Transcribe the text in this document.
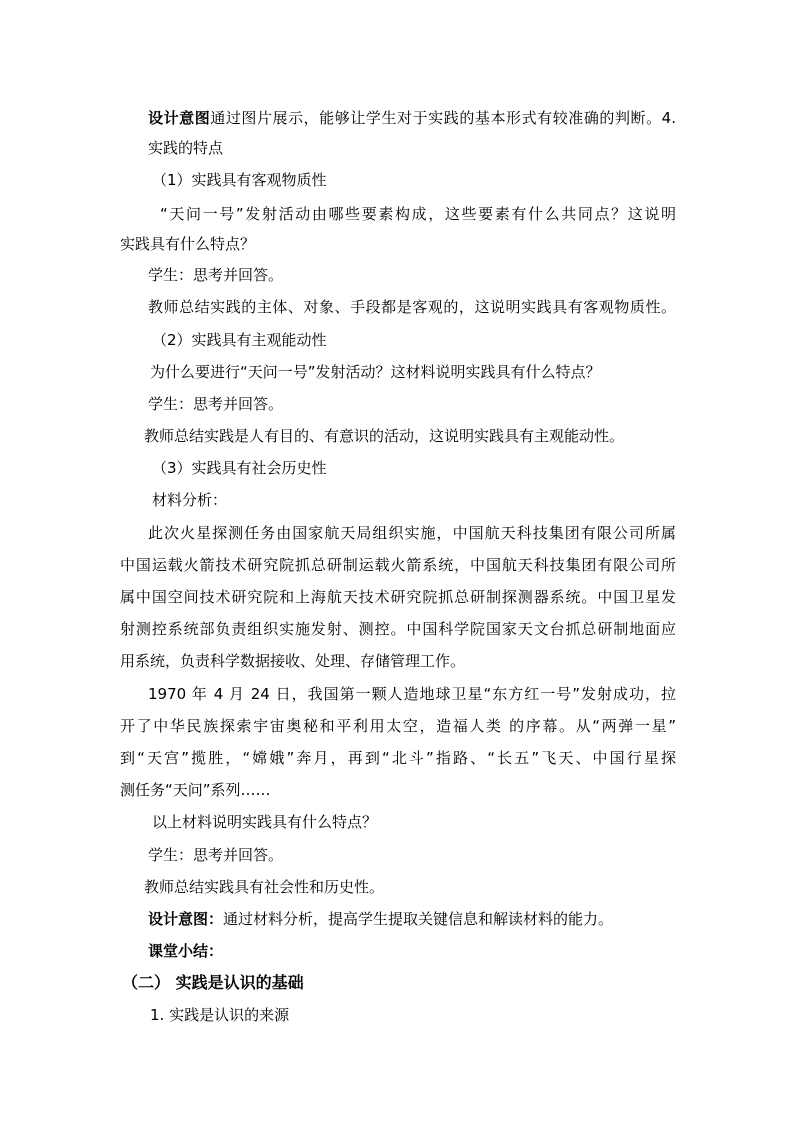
设计意图通过图片展示，能够让学生对于实践的基本形式有较准确的判断。4.
实践的特点
（1）实践具有客观物质性
“天问一号”发射活动由哪些要素构成，这些要素有什么共同点？这说明
实践具有什么特点？
学生：思考并回答。
教师总结实践的主体、对象、手段都是客观的，这说明实践具有客观物质性。
（2）实践具有主观能动性
为什么要进行“天问一号”发射活动？这材料说明实践具有什么特点？
学生：思考并回答。
教师总结实践是人有目的、有意识的活动，这说明实践具有主观能动性。
（3）实践具有社会历史性
材料分析：
此次火星探测任务由国家航天局组织实施，中国航天科技集团有限公司所属
中国运载火箭技术研究院抓总研制运载火箭系统，中国航天科技集团有限公司所
属中国空间技术研究院和上海航天技术研究院抓总研制探测器系统。中国卫星发
射测控系统部负责组织实施发射、测控。中国科学院国家天文台抓总研制地面应
用系统，负责科学数据接收、处理、存储管理工作。
1970 年 4 月 24 日，我国第一颗人造地球卫星“东方红一号”发射成功，拉
开了中华民族探索宇宙奥秘和平利用太空，造福人类 的序幕。从“两弹一星”
到“天宫”揽胜，“嫦娥”奔月，再到“北斗”指路、“长五”飞天、中国行星探
测任务“天问”系列……
以上材料说明实践具有什么特点？
学生：思考并回答。
教师总结实践具有社会性和历史性。
设计意图：通过材料分析，提高学生提取关键信息和解读材料的能力。
课堂小结：
（二） 实践是认识的基础
1. 实践是认识的来源
